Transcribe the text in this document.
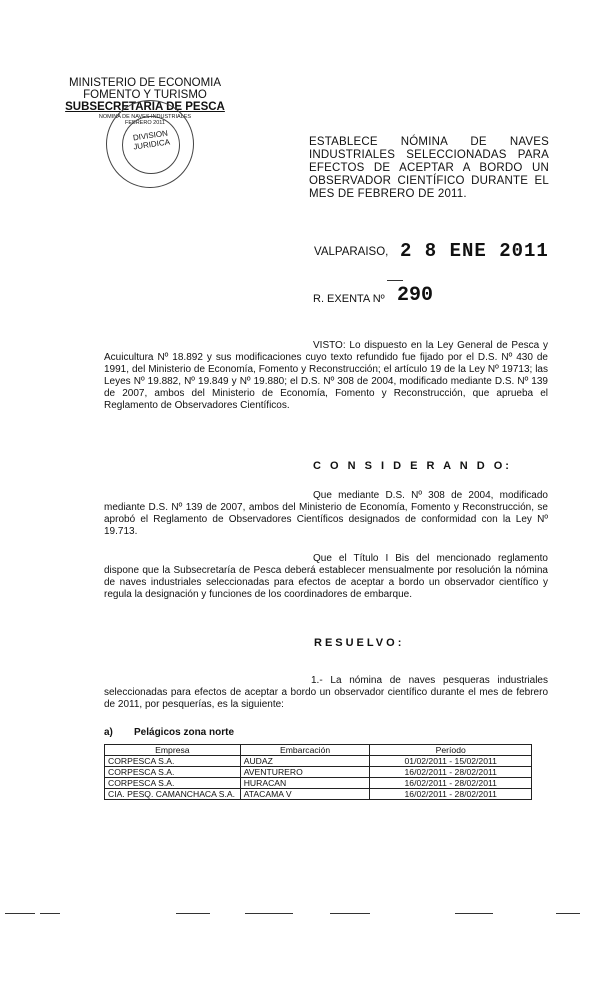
MINISTERIO DE ECONOMIA
FOMENTO Y TURISMO
SUBSECRETARIA DE PESCA
NOMINA DE NAVES INDUSTRIALES
FEBRERO 2011
DIVISION JURIDICA	ESTABLECE NÓMINA DE NAVES INDUSTRIALES SELECCIONADAS PARA EFECTOS DE ACEPTAR A BORDO UN OBSERVADOR CIENTÍFICO DURANTE EL MES DE FEBRERO DE 2011.
VALPARAISO, 2 8 ENE 2011
R. EXENTA Nº 290
VISTO: Lo dispuesto en la Ley General de Pesca y Acuicultura Nº 18.892 y sus modificaciones cuyo texto refundido fue fijado por el D.S. Nº 430 de 1991, del Ministerio de Economía, Fomento y Reconstrucción; el artículo 19 de la Ley Nº 19713; las Leyes Nº 19.882, Nº 19.849 y Nº 19.880; el D.S. Nº 308 de 2004, modificado mediante D.S. Nº 139 de 2007, ambos del Ministerio de Economía, Fomento y Reconstrucción, que aprueba el Reglamento de Observadores Científicos.
C O N S I D E R A N D O:
Que mediante D.S. Nº 308 de 2004, modificado mediante D.S. Nº 139 de 2007, ambos del Ministerio de Economía, Fomento y Reconstrucción, se aprobó el Reglamento de Observadores Científicos designados de conformidad con la Ley Nº 19.713.
Que el Título I Bis del mencionado reglamento dispone que la Subsecretaría de Pesca deberá establecer mensualmente por resolución la nómina de naves industriales seleccionadas para efectos de aceptar a bordo un observador científico y regula la designación y funciones de los coordinadores de embarque.
RESUELVO:
1.- La nómina de naves pesqueras industriales seleccionadas para efectos de aceptar a bordo un observador científico durante el mes de febrero de 2011, por pesquerías, es la siguiente:
a) Pelágicos zona norte
Empresa	Embarcación	Período
CORPESCA S.A.	AUDAZ	01/02/2011 - 15/02/2011
CORPESCA S.A.	AVENTURERO	16/02/2011 - 28/02/2011
CORPESCA S.A.	HURACAN	16/02/2011 - 28/02/2011
CIA. PESQ. CAMANCHACA S.A.	ATACAMA V	16/02/2011 - 28/02/2011
